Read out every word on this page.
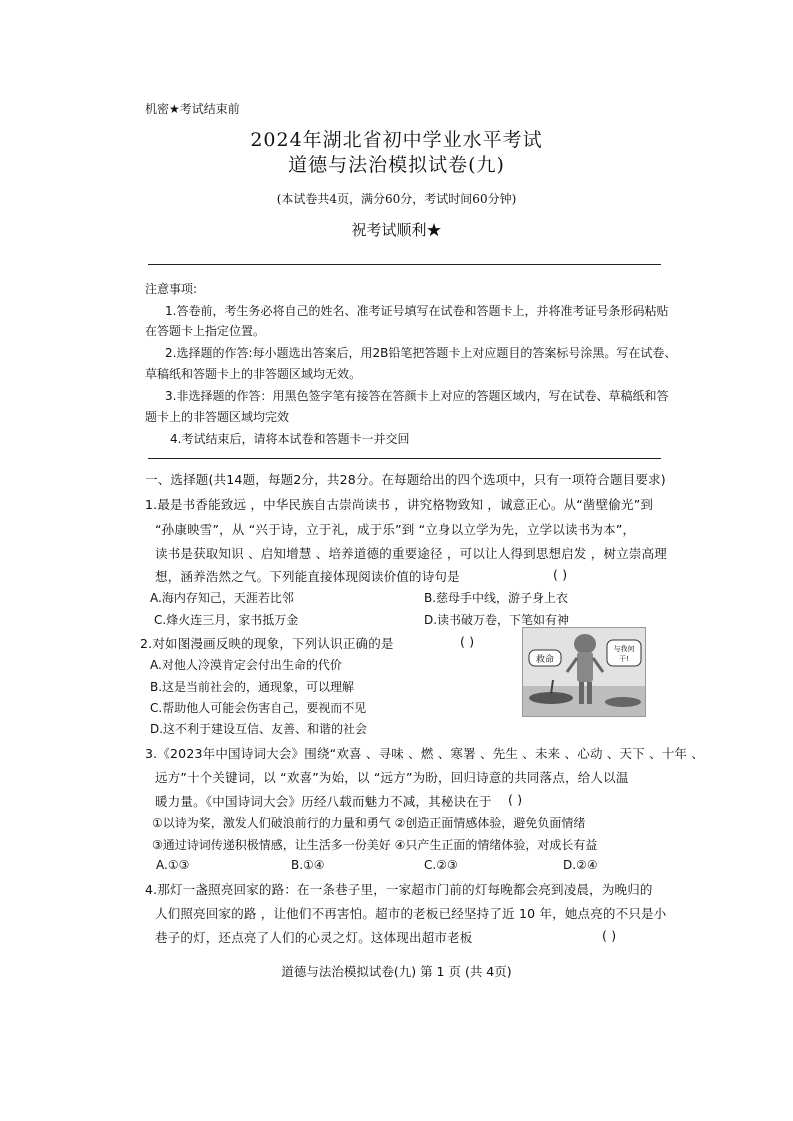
机密★考试结束前
2024年湖北省初中学业水平考试
道德与法治模拟试卷(九)
(本试卷共4页，满分60分，考试时间60分钟)
祝考试顺利★
注意事项:
1.答卷前，考生务必将自己的姓名、准考证号填写在试卷和答题卡上，并将准考证号条形码粘贴
在答题卡上指定位置。
2.选择题的作答:每小题选出答案后，用2B铅笔把答题卡上对应题目的答案标号涂黑。写在试卷、
草稿纸和答题卡上的非答题区域均无效。
3.非选择题的作答：用黑色签字笔有接答在答颜卡上对应的答题区域内，写在试卷、草稿纸和答
题卡上的非答题区域均完效
4.考试结束后，请将本试卷和答题卡一并交回
一、选择题(共14题，每题2分，共28分。在每题给出的四个选项中，只有一项符合题目要求)
1.最是书香能致远 ，中华民族自古崇尚读书 ，讲究格物致知 ，诚意正心。从“凿壁偷光”到
“孙康映雪”，从 “兴于诗，立于礼，成于乐”到 “立身以立学为先，立学以读书为本”，
读书是获取知识 、启知增慧 、培养道德的重要途径 ，可以让人得到思想启发 ，树立崇高理
想，涵养浩然之气。下列能直接体现阅读价值的诗句是	( )
A.海内存知己，天涯若比邻	B.慈母手中线，游子身上衣
C.烽火连三月，家书抵万金	D.读书破万卷，下笔如有神
2.对如图漫画反映的现象，下列认识正确的是	( )
A.对他人冷漠肯定会付出生命的代价
B.这是当前社会的，通现象，可以理解
C.帮助他人可能会伤害自己，要视而不见
D.这不利于建设互信、友善、和谐的社会
救命
与我何
干!
3.《2023年中国诗词大会》围绕“欢喜 、寻味 、燃 、寒署 、先生 、未来 、心动 、天下 、十年 、
远方”十个关键词，以 “欢喜”为始，以 “远方”为盼，回归诗意的共同落点，给人以温
暖力量。《中国诗词大会》历经八载而魅力不减，其秘诀在于 ( )
①以诗为桨，激发人们破浪前行的力量和勇气 ②创造正面情感体验，避免负面情绪
③通过诗词传递积极情感，让生活多一份美好 ④只产生正面的情绪体验，对成长有益
A.①③	B.①④	C.②③	D.②④
4.那灯一盏照亮回家的路：在一条巷子里，一家超市门前的灯每晚都会亮到凌晨，为晚归的
人们照亮回家的路 ，让他们不再害怕。超市的老板已经坚持了近 10 年，她点亮的不只是小
巷子的灯，还点亮了人们的心灵之灯。这体现出超市老板	( )
道德与法治模拟试卷(九) 第 1 页 (共 4页)
